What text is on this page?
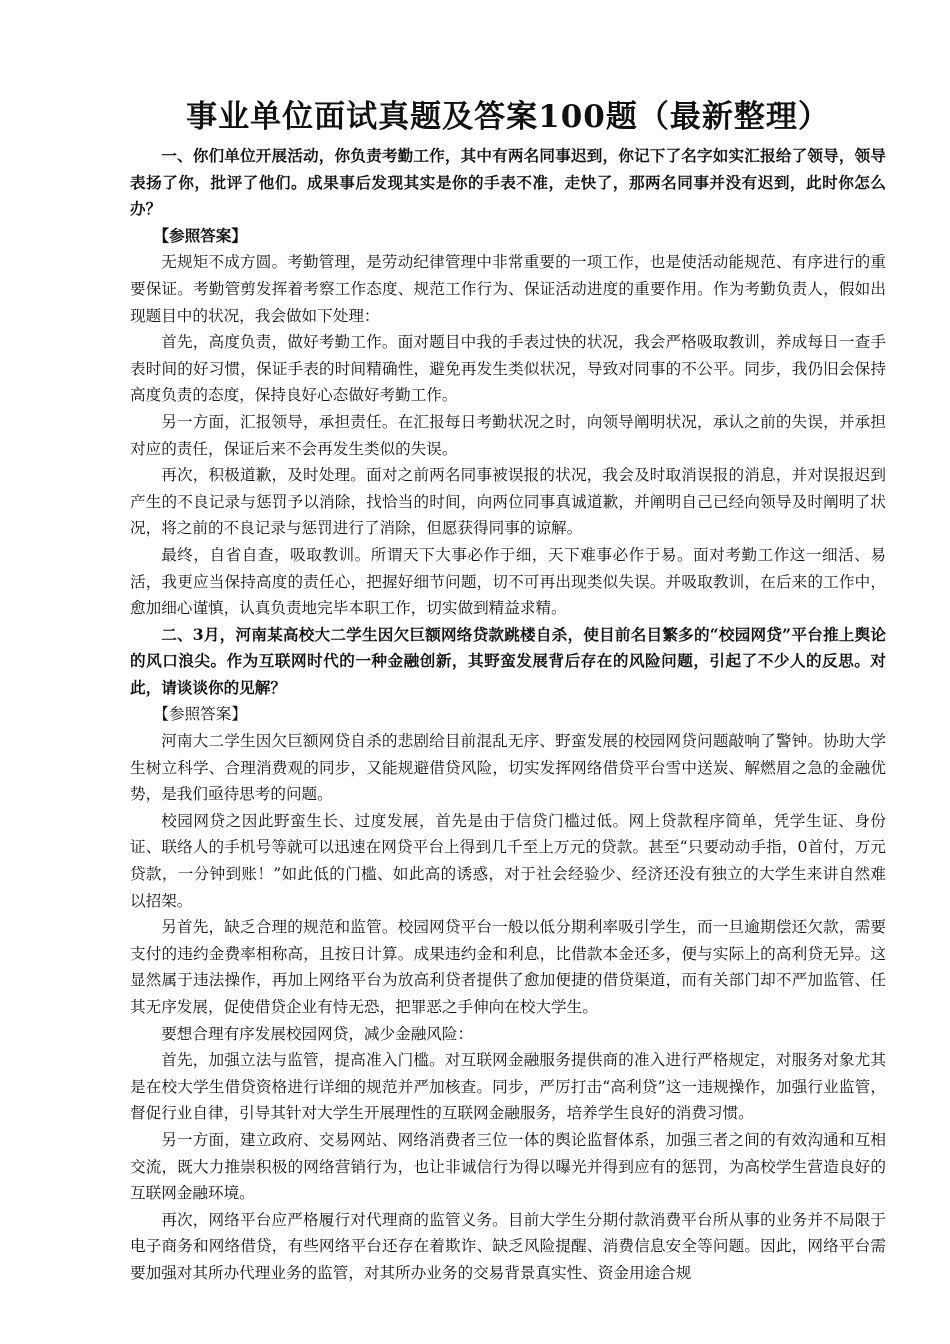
事业单位面试真题及答案100题（最新整理）

一、你们单位开展活动，你负责考勤工作，其中有两名同事迟到，你记下了名字如实汇报给了领导，领导表扬了你，批评了他们。成果事后发现其实是你的手表不准，走快了，那两名同事并没有迟到，此时你怎么办？

【参照答案】

无规矩不成方圆。考勤管理，是劳动纪律管理中非常重要的一项工作，也是使活动能规范、有序进行的重要保证。考勤管剪发挥着考察工作态度、规范工作行为、保证活动进度的重要作用。作为考勤负责人，假如出现题目中的状况，我会做如下处理：

首先，高度负责，做好考勤工作。面对题目中我的手表过快的状况，我会严格吸取教训，养成每日一查手表时间的好习惯，保证手表的时间精确性，避免再发生类似状况，导致对同事的不公平。同步，我仍旧会保持高度负责的态度，保持良好心态做好考勤工作。

另一方面，汇报领导，承担责任。在汇报每日考勤状况之时，向领导阐明状况，承认之前的失误，并承担对应的责任，保证后来不会再发生类似的失误。

再次，积极道歉，及时处理。面对之前两名同事被误报的状况，我会及时取消误报的消息，并对误报迟到产生的不良记录与惩罚予以消除，找恰当的时间，向两位同事真诚道歉，并阐明自己已经向领导及时阐明了状况，将之前的不良记录与惩罚进行了消除，但愿获得同事的谅解。

最终，自省自查，吸取教训。所谓天下大事必作于细，天下难事必作于易。面对考勤工作这一细活、易活，我更应当保持高度的责任心，把握好细节问题，切不可再出现类似失误。并吸取教训，在后来的工作中，愈加细心谨慎，认真负责地完毕本职工作，切实做到精益求精。

二、3月，河南某高校大二学生因欠巨额网络贷款跳楼自杀，使目前名目繁多的“校园网贷”平台推上舆论的风口浪尖。作为互联网时代的一种金融创新，其野蛮发展背后存在的风险问题，引起了不少人的反思。对此，请谈谈你的见解？

【参照答案】

河南大二学生因欠巨额网贷自杀的悲剧给目前混乱无序、野蛮发展的校园网贷问题敲响了警钟。协助大学生树立科学、合理消费观的同步，又能规避借贷风险，切实发挥网络借贷平台雪中送炭、解燃眉之急的金融优势，是我们亟待思考的问题。

校园网贷之因此野蛮生长、过度发展，首先是由于信贷门槛过低。网上贷款程序简单，凭学生证、身份证、联络人的手机号等就可以迅速在网贷平台上得到几千至上万元的贷款。甚至“只要动动手指，0首付，万元贷款，一分钟到账！”如此低的门槛、如此高的诱惑，对于社会经验少、经济还没有独立的大学生来讲自然难以招架。

另首先，缺乏合理的规范和监管。校园网贷平台一般以低分期利率吸引学生，而一旦逾期偿还欠款，需要支付的违约金费率相称高，且按日计算。成果违约金和利息，比借款本金还多，便与实际上的高利贷无异。这显然属于违法操作，再加上网络平台为放高利贷者提供了愈加便捷的借贷渠道，而有关部门却不严加监管、任其无序发展，促使借贷企业有恃无恐，把罪恶之手伸向在校大学生。

要想合理有序发展校园网贷，减少金融风险：

首先，加强立法与监管，提高准入门槛。对互联网金融服务提供商的准入进行严格规定，对服务对象尤其是在校大学生借贷资格进行详细的规范并严加核查。同步，严厉打击“高利贷”这一违规操作，加强行业监管，督促行业自律，引导其针对大学生开展理性的互联网金融服务，培养学生良好的消费习惯。

另一方面，建立政府、交易网站、网络消费者三位一体的舆论监督体系，加强三者之间的有效沟通和互相交流，既大力推崇积极的网络营销行为，也让非诚信行为得以曝光并得到应有的惩罚，为高校学生营造良好的互联网金融环境。

再次，网络平台应严格履行对代理商的监管义务。目前大学生分期付款消费平台所从事的业务并不局限于电子商务和网络借贷，有些网络平台还存在着欺诈、缺乏风险提醒、消费信息安全等问题。因此，网络平台需要加强对其所办代理业务的监管，对其所办业务的交易背景真实性、资金用途合规
